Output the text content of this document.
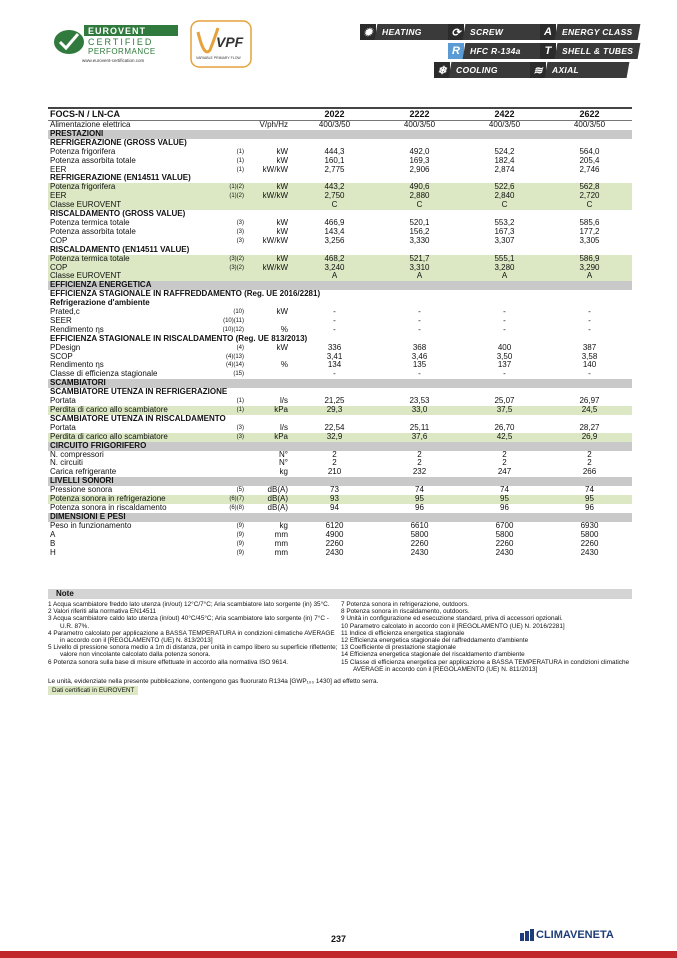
EUROVENT
CERTIFIED
PERFORMANCE
www.eurovent-certification.com
VPF
VARIABLE PRIMARY FLOW
✹	HEATING	⟳	SCREW	A	ENERGY CLASS
R	HFC R-134a	T	SHELL & TUBES
❄	COOLING	≋	AXIAL
FOCS-N / LN-CA			2022	2222	2422	2622
Alimentazione elettrica		V/ph/Hz	400/3/50	400/3/50	400/3/50	400/3/50
PRESTAZIONI						
REFRIGERAZIONE (GROSS VALUE)						
Potenza frigorifera	(1)	kW	444,3	492,0	524,2	564,0
Potenza assorbita totale	(1)	kW	160,1	169,3	182,4	205,4
EER	(1)	kW/kW	2,775	2,906	2,874	2,746
REFRIGERAZIONE (EN14511 VALUE)						
Potenza frigorifera	(1)(2)	kW	443,2	490,6	522,6	562,8
EER	(1)(2)	kW/kW	2,750	2,880	2,840	2,720
Classe EUROVENT			C	C	C	C
RISCALDAMENTO (GROSS VALUE)						
Potenza termica totale	(3)	kW	466,9	520,1	553,2	585,6
Potenza assorbita totale	(3)	kW	143,4	156,2	167,3	177,2
COP	(3)	kW/kW	3,256	3,330	3,307	3,305
RISCALDAMENTO (EN14511 VALUE)						
Potenza termica totale	(3)(2)	kW	468,2	521,7	555,1	586,9
COP	(3)(2)	kW/kW	3,240	3,310	3,280	3,290
Classe EUROVENT			A	A	A	A
EFFICIENZA ENERGETICA						
EFFICIENZA STAGIONALE IN RAFFREDDAMENTO (Reg. UE 2016/2281)						
Refrigerazione d'ambiente						
Prated,c	(10)	kW	-	-	-	-
SEER	(10)(11)		-	-	-	-
Rendimento ηs	(10)(12)	%	-	-	-	-
EFFICIENZA STAGIONALE IN RISCALDAMENTO (Reg. UE 813/2013)						
PDesign	(4)	kW	336	368	400	387
SCOP	(4)(13)		3,41	3,46	3,50	3,58
Rendimento ηs	(4)(14)	%	134	135	137	140
Classe di efficienza stagionale	(15)		-	-	-	-
SCAMBIATORI						
SCAMBIATORE UTENZA IN REFRIGERAZIONE						
Portata	(1)	l/s	21,25	23,53	25,07	26,97
Perdita di carico allo scambiatore	(1)	kPa	29,3	33,0	37,5	24,5
SCAMBIATORE UTENZA IN RISCALDAMENTO						
Portata	(3)	l/s	22,54	25,11	26,70	28,27
Perdita di carico allo scambiatore	(3)	kPa	32,9	37,6	42,5	26,9
CIRCUITO FRIGORIFERO						
N. compressori		N°	2	2	2	2
N. circuiti		N°	2	2	2	2
Carica refrigerante		kg	210	232	247	266
LIVELLI SONORI						
Pressione sonora	(5)	dB(A)	73	74	74	74
Potenza sonora in refrigerazione	(6)(7)	dB(A)	93	95	95	95
Potenza sonora in riscaldamento	(6)(8)	dB(A)	94	96	96	96
DIMENSIONI E PESI						
Peso in funzionamento	(9)	kg	6120	6610	6700	6930
A	(9)	mm	4900	5800	5800	5800
B	(9)	mm	2260	2260	2260	2260
H	(9)	mm	2430	2430	2430	2430
Note
1 Acqua scambiatore freddo lato utenza (in/out) 12°C/7°C; Aria scambiatore lato sorgente (in) 35°C.
2 Valori riferiti alla normativa EN14511
3 Acqua scambiatore caldo lato utenza (in/out) 40°C/45°C; Aria scambiatore lato sorgente (in) 7°C - U.R. 87%.
4 Parametro calcolato per applicazione a BASSA TEMPERATURA in condizioni climatiche AVERAGE in accordo con il [REGOLAMENTO (UE) N. 813/2013]
5 Livello di pressione sonora medio a 1m di distanza, per unità in campo libero su superficie riflettente; valore non vincolante calcolato dalla potenza sonora.
6 Potenza sonora sulla base di misure effettuate in accordo alla normativa ISO 9614.
7 Potenza sonora in refrigerazione, outdoors.
8 Potenza sonora in riscaldamento, outdoors.
9 Unità in configurazione ed esecuzione standard, priva di accessori opzionali.
10 Parametro calcolato in accordo con il [REGOLAMENTO (UE) N. 2016/2281]
11 Indice di efficienza energetica stagionale
12 Efficienza energetica stagionale del raffreddamento d'ambiente
13 Coefficiente di prestazione stagionale
14 Efficienza energetica stagionale del riscaldamento d'ambiente
15 Classe di efficienza energetica per applicazione a BASSA TEMPERATURA in condizioni climatiche AVERAGE in accordo con il [REGOLAMENTO (UE) N. 811/2013]
Le unità, evidenziate nella presente pubblicazione, contengono gas fluorurato R134a [GWP₁₀₀ 1430] ad effetto serra.
Dati certificati in EUROVENT
237	CLIMAVENETA
